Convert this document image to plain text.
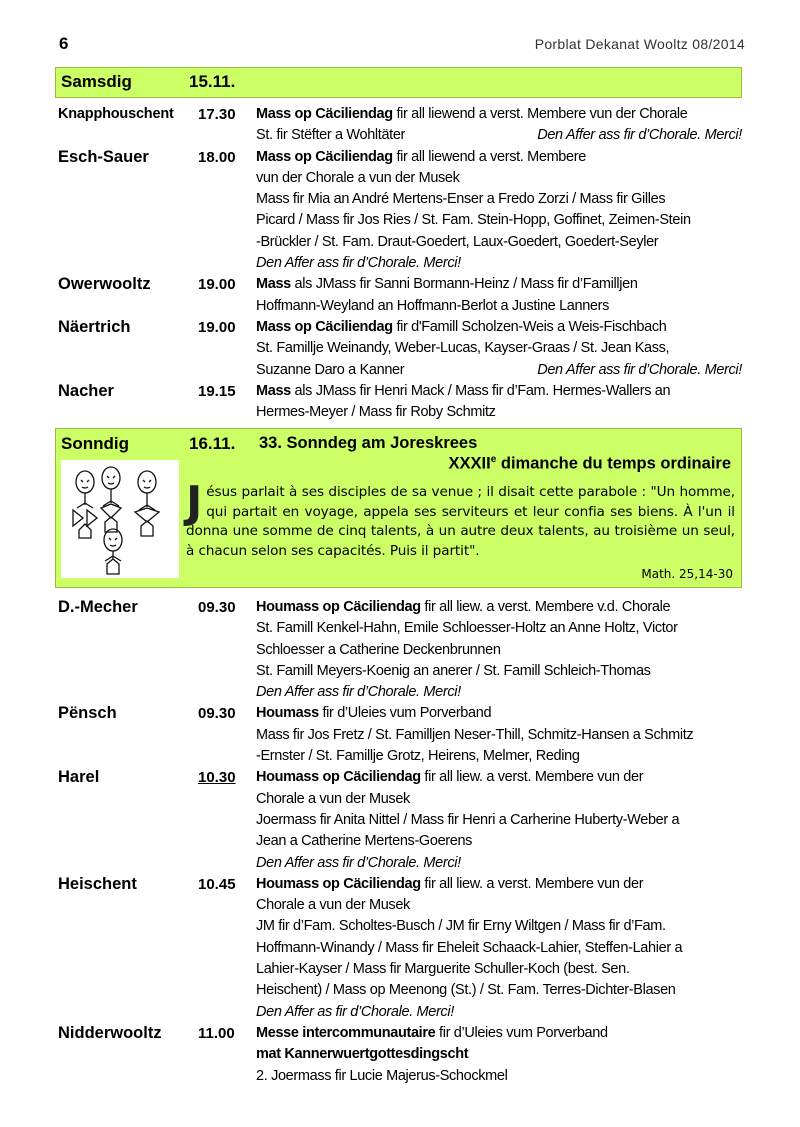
6	Porblat Dekanat Wooltz 08/2014
Samsdig	15.11.
Knapphouschent 17.30 Mass op Cäciliendag fir all liewend a verst. Membere vun der Chorale
St. fir Stëfter a Wohltäter	Den Affer ass fir d’Chorale. Merci!
Esch-Sauer	18.00 Mass op Cäciliendag fir all liewend a verst. Membere
vun der Chorale a vun der Musek
Mass fir Mia an André Mertens-Enser a Fredo Zorzi / Mass fir Gilles
Picard / Mass fir Jos Ries / St. Fam. Stein-Hopp, Goffinet, Zeimen-Stein
-Brückler / St. Fam. Draut-Goedert, Laux-Goedert, Goedert-Seyler
Den Affer ass fir d’Chorale. Merci!
Owerwooltz	19.00 Mass als JMass fir Sanni Bormann-Heinz / Mass fir d’Familljen
Hoffmann-Weyland an Hoffmann-Berlot a Justine Lanners
Näertrich	19.00 Mass op Cäciliendag fir d'Famill Scholzen-Weis a Weis-Fischbach
St. Famillje Weinandy, Weber-Lucas, Kayser-Graas / St. Jean Kass,
Suzanne Daro a Kanner	Den Affer ass fir d’Chorale. Merci!
Nacher	19.15 Mass als JMass fir Henri Mack / Mass fir d’Fam. Hermes-Wallers an
Hermes-Meyer / Mass fir Roby Schmitz
Sonndig	16.11. 33. Sonndeg am Joreskrees
XXXIIe dimanche du temps ordinaire
Jésus parlait à ses disciples de sa venue ; il disait cette parabole : "Un homme, qui partait en voyage, appela ses serviteurs et leur confia ses biens. À l'un il donna une somme de cinq talents, à un autre deux talents, au troisième un seul, à chacun selon ses capacités. Puis il partit".
Math. 25,14-30
D.-Mecher	09.30 Houmass op Cäciliendag fir all liew. a verst. Membere v.d. Chorale
St. Famill Kenkel-Hahn, Emile Schloesser-Holtz an Anne Holtz, Victor
Schloesser a Catherine Deckenbrunnen
St. Famill Meyers-Koenig an anerer / St. Famill Schleich-Thomas
Den Affer ass fir d’Chorale. Merci!
Pënsch	09.30 Houmass fir d’Uleies vum Porverband
Mass fir Jos Fretz / St. Familljen Neser-Thill, Schmitz-Hansen a Schmitz
-Ernster / St. Famillje Grotz, Heirens, Melmer, Reding
Harel	10.30 Houmass op Cäciliendag fir all liew. a verst. Membere vun der
Chorale a vun der Musek
Joermass fir Anita Nittel / Mass fir Henri a Carherine Huberty-Weber a
Jean a Catherine Mertens-Goerens
Den Affer ass fir d’Chorale. Merci!
Heischent	10.45 Houmass op Cäciliendag fir all liew. a verst. Membere vun der
Chorale a vun der Musek
JM fir d’Fam. Scholtes-Busch / JM fir Erny Wiltgen / Mass fir d’Fam.
Hoffmann-Winandy / Mass fir Eheleit Schaack-Lahier, Steffen-Lahier a
Lahier-Kayser / Mass fir Marguerite Schuller-Koch (best. Sen.
Heischent) / Mass op Meenong (St.) / St. Fam. Terres-Dichter-Blasen
Den Affer as fir d’Chorale. Merci!
Nidderwooltz 11.00 Messe intercommunautaire fir d’Uleies vum Porverband
mat Kannerwuertgottesdingscht
2. Joermass fir Lucie Majerus-Schockmel
